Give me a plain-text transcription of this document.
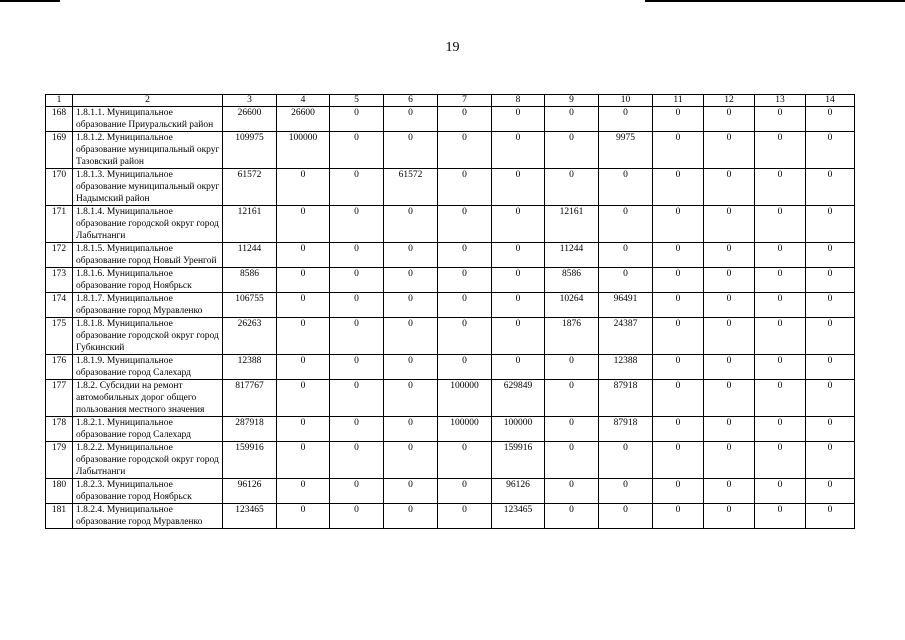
19
1	2	3	4	5	6	7	8	9	10	11	12	13	14
168	1.8.1.1. Муниципальное образование Приуральский район	26600	26600	0	0	0	0	0	0	0	0	0	0
169	1.8.1.2. Муниципальное образование муниципальный округ Тазовский район	109975	100000	0	0	0	0	0	9975	0	0	0	0
170	1.8.1.3. Муниципальное образование муниципальный округ Надымский район	61572	0	0	61572	0	0	0	0	0	0	0	0
171	1.8.1.4. Муниципальное образование городской округ город Лабытнанги	12161	0	0	0	0	0	12161	0	0	0	0	0
172	1.8.1.5. Муниципальное образование город Новый Уренгой	11244	0	0	0	0	0	11244	0	0	0	0	0
173	1.8.1.6. Муниципальное образование город Ноябрьск	8586	0	0	0	0	0	8586	0	0	0	0	0
174	1.8.1.7. Муниципальное образование город Муравленко	106755	0	0	0	0	0	10264	96491	0	0	0	0
175	1.8.1.8. Муниципальное образование городской округ город Губкинский	26263	0	0	0	0	0	1876	24387	0	0	0	0
176	1.8.1.9. Муниципальное образование город Салехард	12388	0	0	0	0	0	0	12388	0	0	0	0
177	1.8.2. Субсидии на ремонт автомобильных дорог общего пользования местного значения	817767	0	0	0	100000	629849	0	87918	0	0	0	0
178	1.8.2.1. Муниципальное образование город Салехард	287918	0	0	0	100000	100000	0	87918	0	0	0	0
179	1.8.2.2. Муниципальное образование городской округ город Лабытнанги	159916	0	0	0	0	159916	0	0	0	0	0	0
180	1.8.2.3. Муниципальное образование город Ноябрьск	96126	0	0	0	0	96126	0	0	0	0	0	0
181	1.8.2.4. Муниципальное образование город Муравленко	123465	0	0	0	0	123465	0	0	0	0	0	0
